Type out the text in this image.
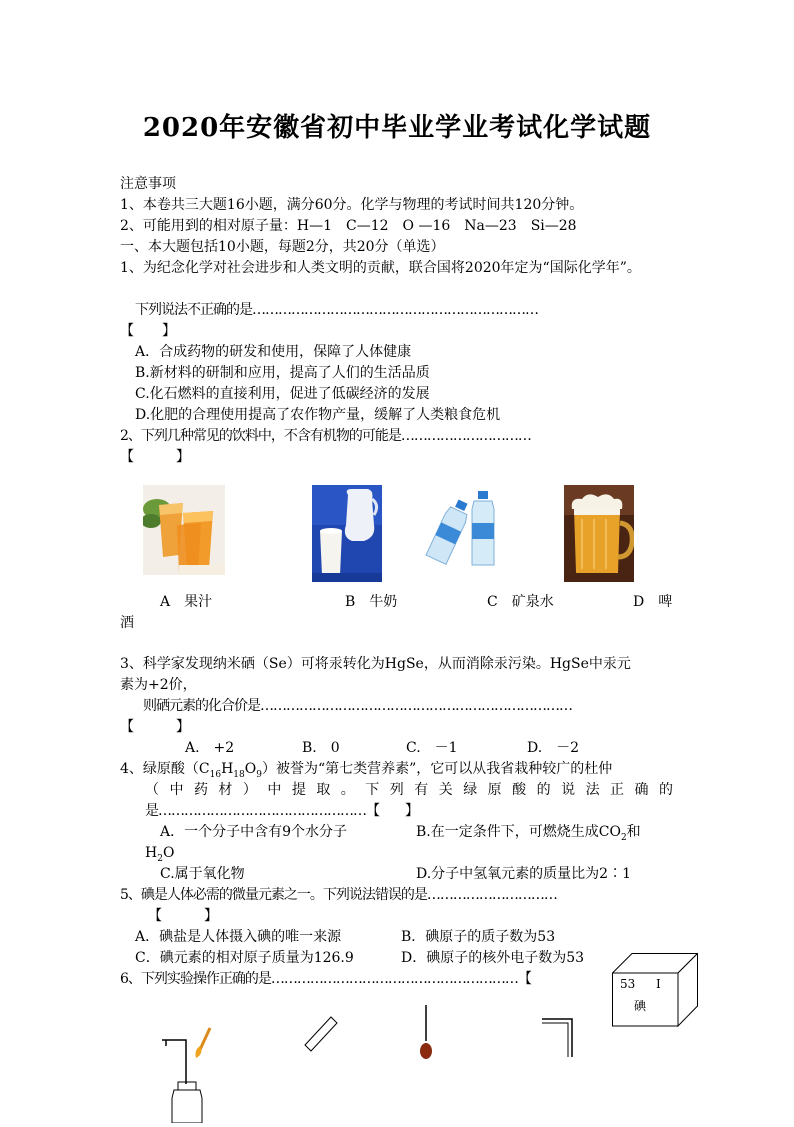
2020年安徽省初中毕业学业考试化学试题
注意事项
1、本卷共三大题16小题，满分60分。化学与物理的考试时间共120分钟。
2、可能用到的相对原子量：H—1　C—12　O —16　Na—23　Si—28
一、本大题包括10小题，每题2分，共20分（单选）
1、为纪念化学对社会进步和人类文明的贡献，联合国将2020年定为“国际化学年”。
下列说法不正确的是…………………………………………………………
【　　】
A．合成药物的研发和使用，保障了人体健康
B.新材料的研制和应用，提高了人们的生活品质
C.化石燃料的直接利用，促进了低碳经济的发展
D.化肥的合理使用提高了农作物产量，缓解了人类粮食危机
2、下列几种常见的饮料中，不含有机物的可能是…………………………
【　　　】
A　果汁	B　牛奶	C　矿泉水	D　啤
酒
3、科学家发现纳米硒（Se）可将汞转化为HgSe，从而消除汞污染。HgSe中汞元
素为+2价，
则硒元素的化合价是………………………………………………………………
【　　　】
A.　+2	B.　0	C.　－1	D.　－2
4、绿原酸$(C_{16}H_{18}O_9)$被誉为“第七类营养素”，它可以从我省栽种较广的杜仲
（中药材）中提取。下列有关绿原酸的说法正确的
是…………………………………………【　　】
A．一个分子中含有9个水分子	B.在一定条件下，可燃烧生成$CO_2$和
$H_2O$
C.属于氧化物	D.分子中氢氧元素的质量比为2∶1
5、碘是人体必需的微量元素之一。下列说法错误的是…………………………
【　　　】
A．碘盐是人体摄入碘的唯一来源	B．碘原子的质子数为53
C．碘元素的相对原子质量为126.9	D．碘原子的核外电子数为53
6、下列实验操作正确的是…………………………………………………【	53 I
碘
